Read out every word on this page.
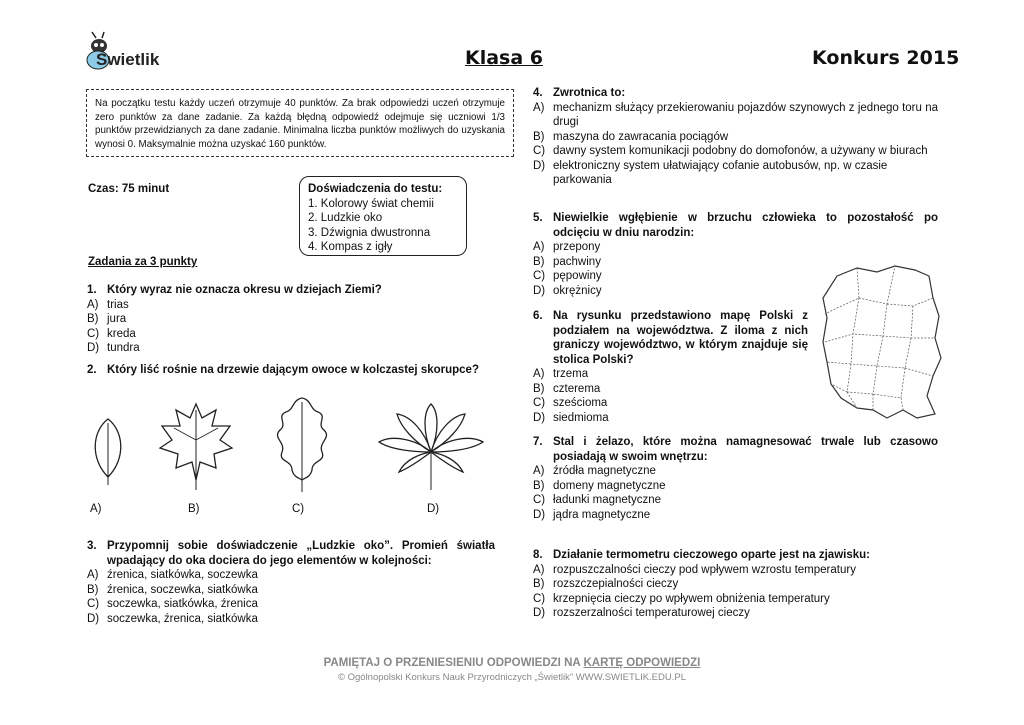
Świetlik	Klasa 6	Konkurs 2015
Na początku testu każdy uczeń otrzymuje 40 punktów. Za brak odpowiedzi uczeń otrzymuje zero punktów za dane zadanie. Za każdą błędną odpowiedź odejmuje się uczniowi 1/3 punktów przewidzianych za dane zadanie. Minimalna liczba punktów możliwych do uzyskania wynosi 0. Maksymalnie można uzyskać 160 punktów.
Czas: 75 minut	Doświadczenia do testu:
1. Kolorowy świat chemii
2. Ludzkie oko
3. Dźwignia dwustronna
4. Kompas z igły
Zadania za 3 punkty
1. Który wyraz nie oznacza okresu w dziejach Ziemi?
A) trias
B) jura
C) kreda
D) tundra
2. Który liść rośnie na drzewie dającym owoce w kolczastej skorupce?
A)	B)	C)	D)
3. Przypomnij sobie doświadczenie „Ludzkie oko”. Promień światła wpadający do oka dociera do jego elementów w kolejności:
A) źrenica, siatkówka, soczewka
B) źrenica, soczewka, siatkówka
C) soczewka, siatkówka, źrenica
D) soczewka, źrenica, siatkówka
4. Zwrotnica to:
A) mechanizm służący przekierowaniu pojazdów szynowych z jednego toru na drugi
B) maszyna do zawracania pociągów
C) dawny system komunikacji podobny do domofonów, a używany w biurach
D) elektroniczny system ułatwiający cofanie autobusów, np. w czasie parkowania
5. Niewielkie wgłębienie w brzuchu człowieka to pozostałość po odcięciu w dniu narodzin:
A) przepony
B) pachwiny
C) pępowiny
D) okrężnicy
6. Na rysunku przedstawiono mapę Polski z podziałem na województwa. Z iloma z nich graniczy województwo, w którym znajduje się stolica Polski?
A) trzema
B) czterema
C) sześcioma
D) siedmioma
7. Stal i żelazo, które można namagnesować trwale lub czasowo posiadają w swoim wnętrzu:
A) źródła magnetyczne
B) domeny magnetyczne
C) ładunki magnetyczne
D) jądra magnetyczne
8. Działanie termometru cieczowego oparte jest na zjawisku:
A) rozpuszczalności cieczy pod wpływem wzrostu temperatury
B) rozszczepialności cieczy
C) krzepnięcia cieczy po wpływem obniżenia temperatury
D) rozszerzalności temperaturowej cieczy
PAMIĘTAJ O PRZENIESIENIU ODPOWIEDZI NA KARTĘ ODPOWIEDZI
© Ogólnopolski Konkurs Nauk Przyrodniczych „Świetlik” WWW.SWIETLIK.EDU.PL
